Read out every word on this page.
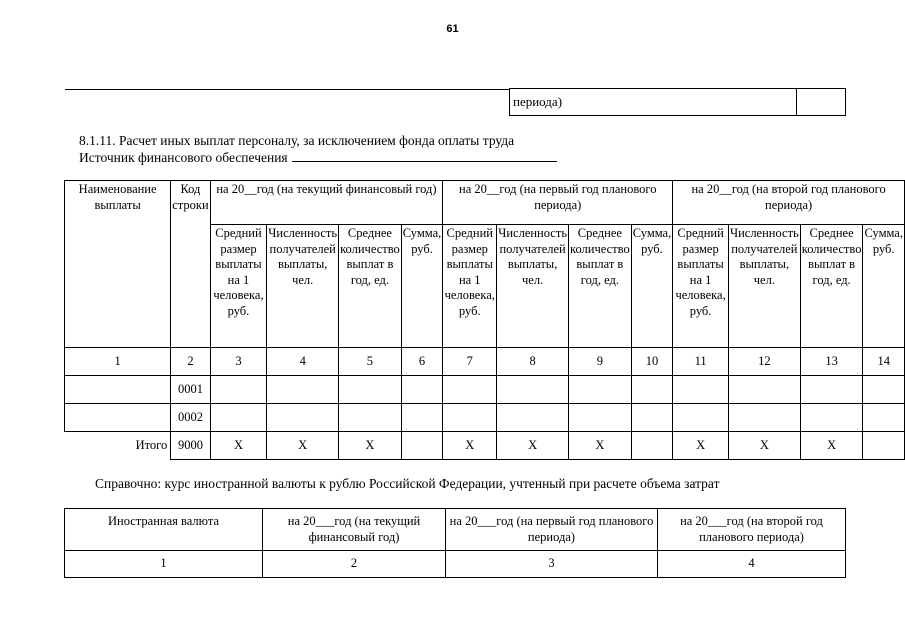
61
периода)	
8.1.11. Расчет иных выплат персоналу, за исключением фонда оплаты труда
Источник финансового обеспечения
Наименование выплаты	Код строки	на 20__год (на текущий финансовый год)				на 20__год (на первый год планового периода)				на 20__год (на второй год планового периода)			
		Средний размер выплаты на 1 человека, руб.	Численность получателей выплаты, чел.	Среднее количество выплат в год, ед.	Сумма, руб.	Средний размер выплаты на 1 человека, руб.	Численность получателей выплаты, чел.	Среднее количество выплат в год, ед.	Сумма, руб.	Средний размер выплаты на 1 человека, руб.	Численность получателей выплаты, чел.	Среднее количество выплат в год, ед.	Сумма, руб.
1	2	3	4	5	6	7	8	9	10	11	12	13	14
	0001												
	0002												
Итого	9000	X	X	X		X	X	X		X	X	X	
Справочно: курс иностранной валюты к рублю Российской Федерации, учтенный при расчете объема затрат
Иностранная валюта	на 20___год (на текущий финансовый год)	на 20___год (на первый год планового периода)	на 20___год (на второй год планового периода)
1	2	3	4
